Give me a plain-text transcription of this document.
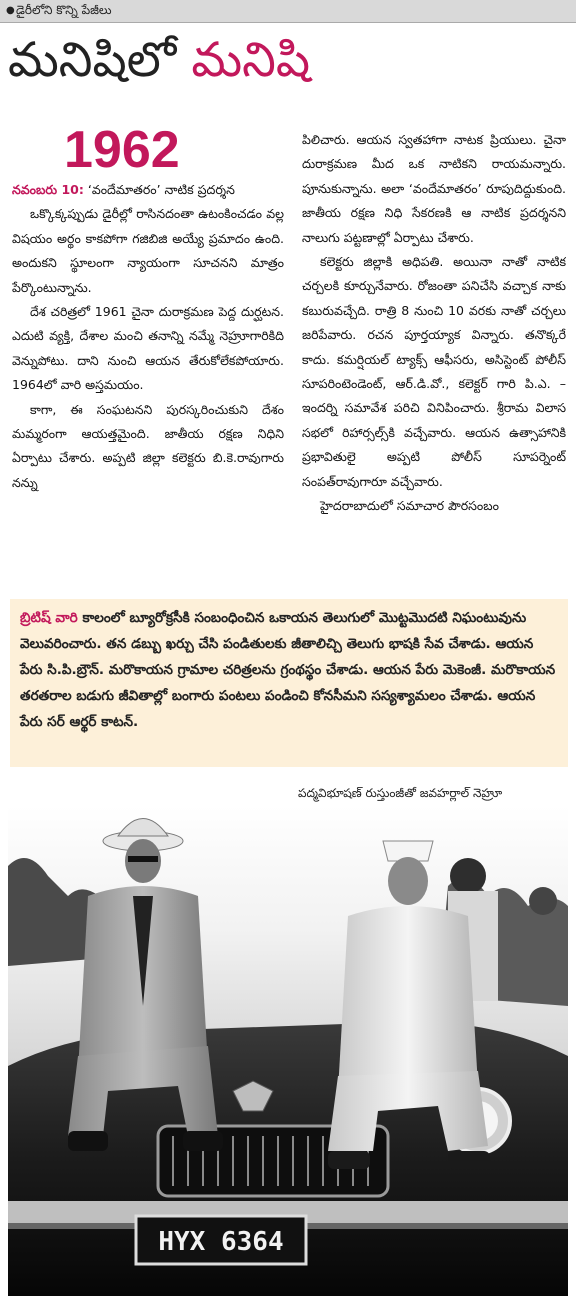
● డైరీలోని కొన్ని పేజీలు
మనిషిలో మనిషి
1962

నవంబరు 10: ‘వందేమాతరం’ నాటిక ప్రదర్శన

ఒక్కొక్కప్పుడు డైరీల్లో రాసినదంతా ఉటంకించడం వల్ల విషయం అర్థం కాకపోగా గజిబిజి అయ్యే ప్రమాదం ఉంది. అందుకని స్థూలంగా న్యాయంగా సూచనని మాత్రం పేర్కొంటున్నాను.

దేశ చరిత్రలో 1961 చైనా దురాక్రమణ పెద్ద దుర్ఘటన. ఎదుటి వ్యక్తి, దేశాల మంచి తనాన్ని నమ్మే నెహ్రూగారికిది వెన్నుపోటు. దాని నుంచి ఆయన తేరుకోలేకపోయారు. 1964లో వారి అస్తమయం.

కాగా, ఈ సంఘటనని పురస్కరించుకుని దేశం మమ్మరంగా ఆయత్తమైంది. జాతీయ రక్షణ నిధిని ఏర్పాటు చేశారు. అప్పటి జిల్లా కలెక్టరు బి.కె.రావుగారు నన్ను

పిలిచారు. ఆయన స్వతహాగా నాటక ప్రియులు. చైనా దురాక్రమణ మీద ఒక నాటికని రాయమన్నారు. పూనుకున్నాను. అలా ‘వందేమాతరం’ రూపుదిద్దుకుంది. జాతీయ రక్షణ నిధి సేకరణకి ఆ నాటిక ప్రదర్శనని నాలుగు పట్టణాల్లో ఏర్పాటు చేశారు.

కలెక్టరు జిల్లాకి అధిపతి. అయినా నాతో నాటిక చర్చలకి కూర్చునేవారు. రోజంతా పనిచేసి వచ్చాక నాకు కబురువచ్చేది. రాత్రి 8 నుంచి 10 వరకు నాతో చర్చలు జరిపేవారు. రచన పూర్తయ్యాక విన్నారు. తనొక్కరే కాదు. కమర్షియల్ ట్యాక్స్ ఆఫీసరు, అసిస్టెంట్ పోలీస్ సూపరింటెండెంట్, ఆర్.డి.వో., కలెక్టర్ గారి పి.ఎ. – ఇందర్ని సమావేశ పరిచి వినిపించారు. శ్రీరామ విలాస సభలో రిహార్సల్స్‌కి వచ్చేవారు. ఆయన ఉత్సాహానికి ప్రభావితులై అప్పటి పోలీస్ సూపర్నెంట్ సంపత్‌రావుగారూ వచ్చేవారు.

హైదరాబాదులో సమాచార పౌరసంబం

బ్రిటిష్ వారి కాలంలో బ్యూరోక్రసీకి సంబంధించిన ఒకాయన తెలుగులో మొట్టమొదటి నిఘంటువును వెలువరించారు. తన డబ్బు ఖర్చు చేసి పండితులకు జీతాలిచ్చి తెలుగు భాషకి సేవ చేశాడు. ఆయన పేరు సి.పి.బ్రౌన్. మరొకాయన గ్రామాల చరిత్రలను గ్రంథస్థం చేశాడు. ఆయన పేరు మెకెంజీ. మరొకాయన తరతరాల బడుగు జీవితాల్లో బంగారు పంటలు పండించి కోనసీమని సస్యశ్యామలం చేశాడు. ఆయన పేరు సర్ ఆర్థర్ కాటన్.
పద్మవిభూషణ్ రుస్తుంజీతో జవహర్లాల్ నెహ్రూ
HYX 6364
